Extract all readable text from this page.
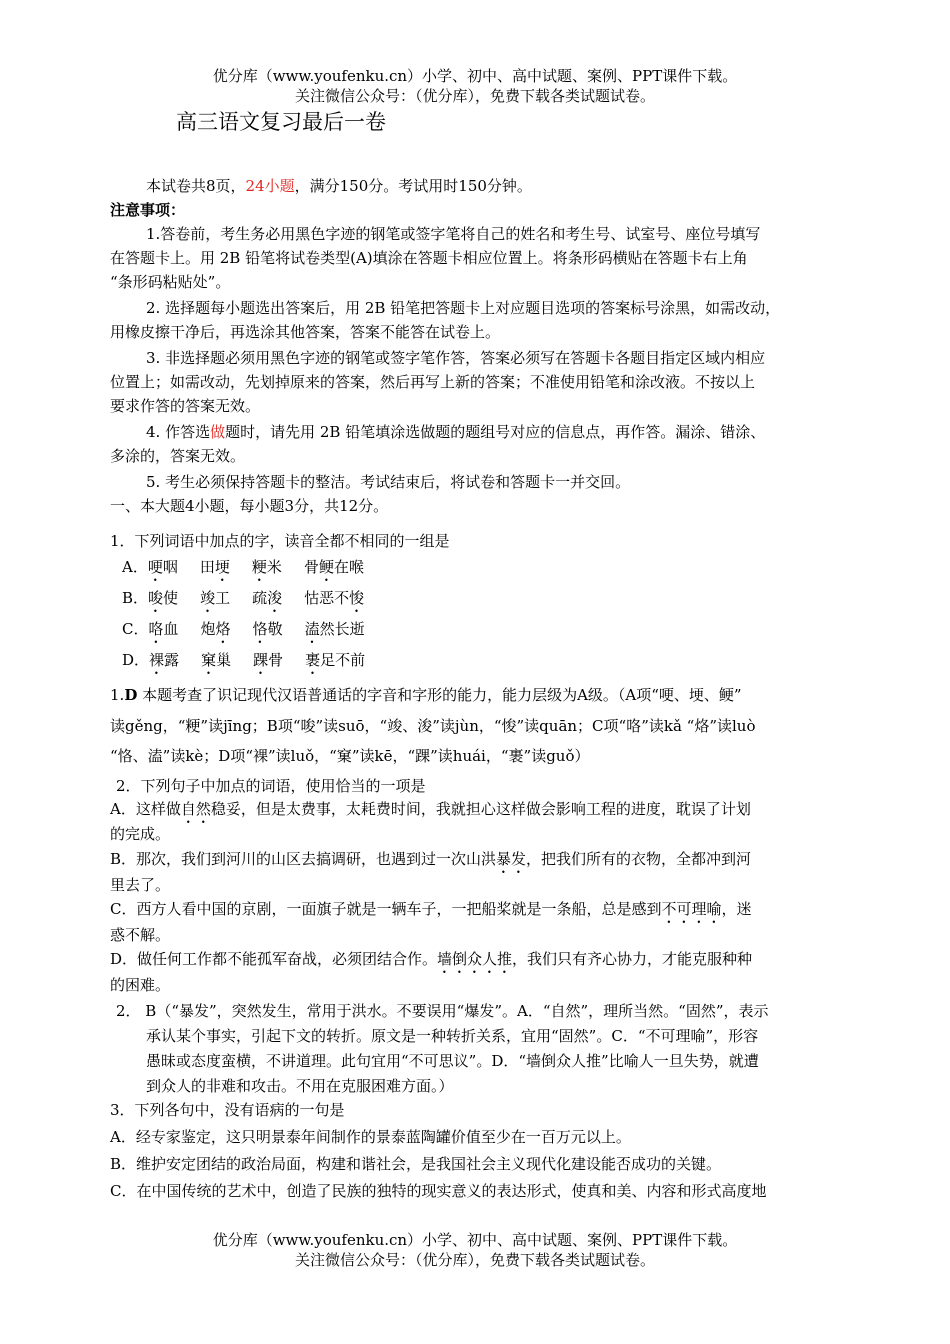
优分库（www.youfenku.cn）小学、初中、高中试题、案例、PPT课件下载。
关注微信公众号：（优分库），免费下载各类试题试卷。
高三语文复习最后一卷
本试卷共8页，24小题，满分150分。考试用时150分钟。
注意事项：
1.答卷前，考生务必用黑色字迹的钢笔或签字笔将自己的姓名和考生号、试室号、座位号填写
在答题卡上。用 2B 铅笔将试卷类型(A)填涂在答题卡相应位置上。将条形码横贴在答题卡右上角
“条形码粘贴处”。
2. 选择题每小题选出答案后，用 2B 铅笔把答题卡上对应题目选项的答案标号涂黑，如需改动，
用橡皮擦干净后，再选涂其他答案，答案不能答在试卷上。
3. 非选择题必须用黑色字迹的钢笔或签字笔作答，答案必须写在答题卡各题目指定区域内相应
位置上；如需改动，先划掉原来的答案，然后再写上新的答案；不准使用铅笔和涂改液。不按以上
要求作答的答案无效。
4. 作答选做题时，请先用 2B 铅笔填涂选做题的题组号对应的信息点，再作答。漏涂、错涂、
多涂的，答案无效。
5. 考生必须保持答题卡的整洁。考试结束后，将试卷和答题卡一并交回。
一、本大题4小题，每小题3分，共12分。
1．下列词语中加点的字，读音全都不相同的一组是
A．哽咽 田埂 粳米 骨鲠在喉
B．唆使 竣工 疏浚 怙恶不悛
C．咯血 炮烙 恪敬 溘然长逝
D．裸露 窠巢 踝骨 裹足不前
1.D 本题考查了识记现代汉语普通话的字音和字形的能力，能力层级为A级。（A项“哽、埂、鲠”
读gěng，“粳”读jīng；B项“唆”读suō，“竣、浚”读jùn，“悛”读quān；C项“咯”读kǎ “烙”读luò
“恪、溘”读kè；D项“裸”读luǒ，“窠”读kē，“踝”读huái，“裹”读guǒ）
2．下列句子中加点的词语，使用恰当的一项是
A．这样做自然稳妥，但是太费事，太耗费时间，我就担心这样做会影响工程的进度，耽误了计划
的完成。
B．那次，我们到河川的山区去搞调研，也遇到过一次山洪暴发，把我们所有的衣物，全都冲到河
里去了。
C．西方人看中国的京剧，一面旗子就是一辆车子，一把船桨就是一条船，总是感到不可理喻，迷
惑不解。
D．做任何工作都不能孤军奋战，必须团结合作。墙倒众人推，我们只有齐心协力，才能克服种种
的困难。
2． B（“暴发”，突然发生，常用于洪水。不要误用“爆发”。A．“自然”，理所当然。“固然”，表示
承认某个事实，引起下文的转折。原文是一种转折关系，宜用“固然”。C．“不可理喻”，形容
愚昧或态度蛮横，不讲道理。此句宜用“不可思议”。D．“墙倒众人推”比喻人一旦失势，就遭
到众人的非难和攻击。不用在克服困难方面。）
3．下列各句中，没有语病的一句是
A．经专家鉴定，这只明景泰年间制作的景泰蓝陶罐价值至少在一百万元以上。
B．维护安定团结的政治局面，构建和谐社会，是我国社会主义现代化建设能否成功的关键。
C．在中国传统的艺术中，创造了民族的独特的现实意义的表达形式，使真和美、内容和形式高度地
优分库（www.youfenku.cn）小学、初中、高中试题、案例、PPT课件下载。
关注微信公众号：（优分库），免费下载各类试题试卷。
